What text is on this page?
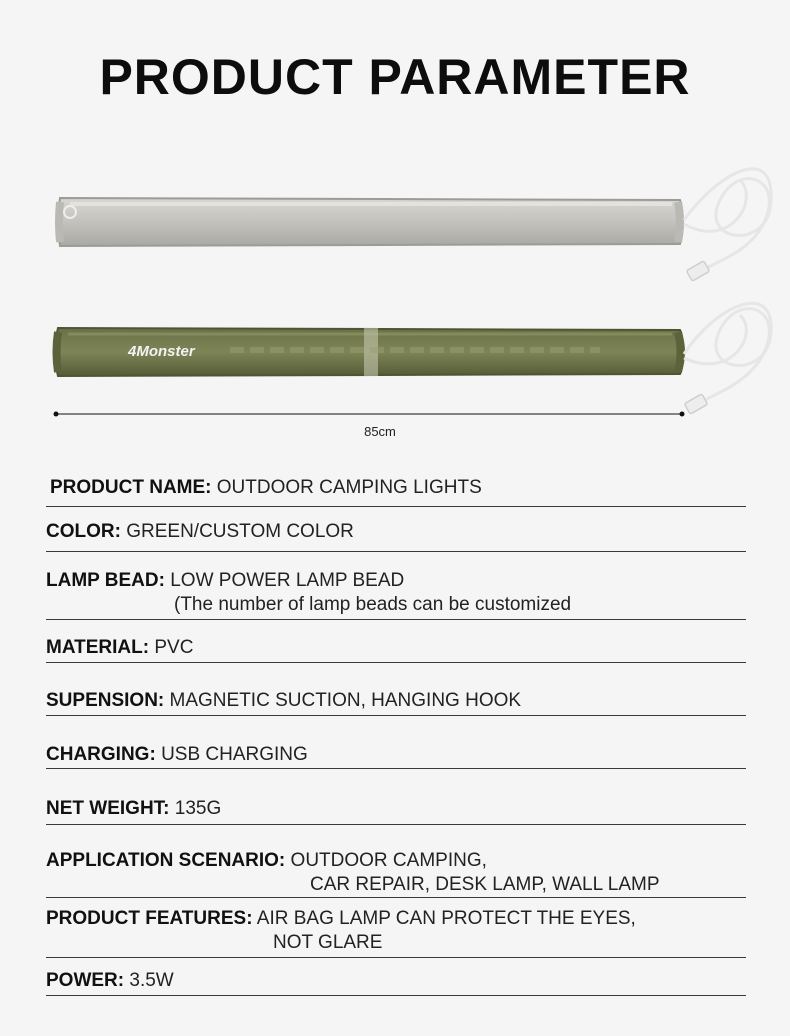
PRODUCT PARAMETER
4Monster
85cm
PRODUCT NAME: OUTDOOR CAMPING LIGHTS
COLOR: GREEN/CUSTOM COLOR
LAMP BEAD: LOW POWER LAMP BEAD
(The number of lamp beads can be customized
MATERIAL: PVC
SUPENSION: MAGNETIC SUCTION, HANGING HOOK
CHARGING: USB CHARGING
NET WEIGHT: 135G
APPLICATION SCENARIO: OUTDOOR CAMPING,
CAR REPAIR, DESK LAMP, WALL LAMP
PRODUCT FEATURES: AIR BAG LAMP CAN PROTECT THE EYES,
NOT GLARE
POWER: 3.5W
